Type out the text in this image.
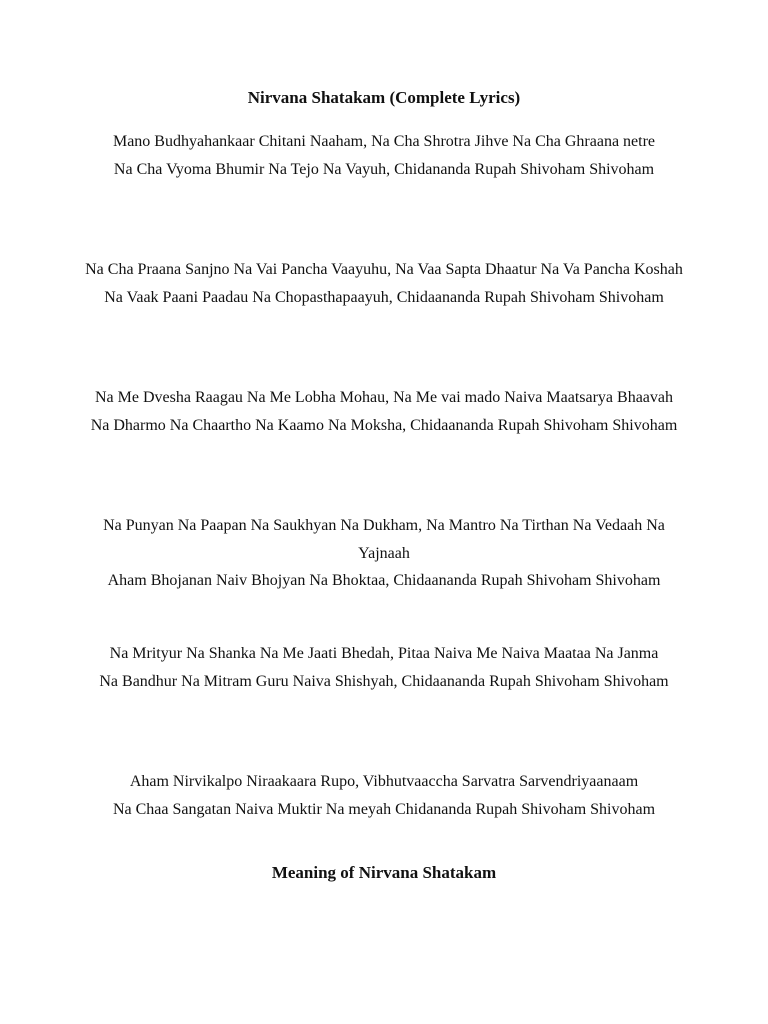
Nirvana Shatakam (Complete Lyrics)
Mano Budhyahankaar Chitani Naaham, Na Cha Shrotra Jihve Na Cha Ghraana netre
Na Cha Vyoma Bhumir Na Tejo Na Vayuh, Chidananda Rupah Shivoham Shivoham
Na Cha Praana Sanjno Na Vai Pancha Vaayuhu, Na Vaa Sapta Dhaatur Na Va Pancha Koshah
Na Vaak Paani Paadau Na Chopasthapaayuh, Chidaananda Rupah Shivoham Shivoham
Na Me Dvesha Raagau Na Me Lobha Mohau, Na Me vai mado Naiva Maatsarya Bhaavah
Na Dharmo Na Chaartho Na Kaamo Na Moksha, Chidaananda Rupah Shivoham Shivoham
Na Punyan Na Paapan Na Saukhyan Na Dukham, Na Mantro Na Tirthan Na Vedaah Na Yajnaah
Aham Bhojanan Naiv Bhojyan Na Bhoktaa, Chidaananda Rupah Shivoham Shivoham
Na Mrityur Na Shanka Na Me Jaati Bhedah, Pitaa Naiva Me Naiva Maataa Na Janma
Na Bandhur Na Mitram Guru Naiva Shishyah, Chidaananda Rupah Shivoham Shivoham
Aham Nirvikalpo Niraakaara Rupo, Vibhutvaaccha Sarvatra Sarvendriyaanaam
Na Chaa Sangatan Naiva Muktir Na meyah Chidananda Rupah Shivoham Shivoham
Meaning of Nirvana Shatakam
